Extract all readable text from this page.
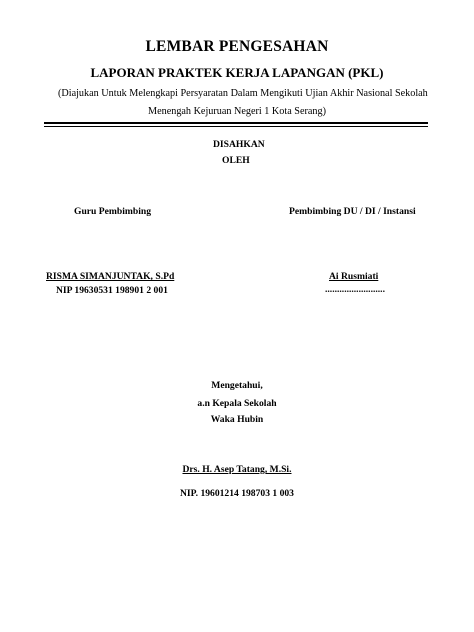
LEMBAR PENGESAHAN
LAPORAN PRAKTEK KERJA LAPANGAN (PKL)
(Diajukan Untuk Melengkapi Persyaratan Dalam Mengikuti Ujian Akhir Nasional Sekolah
Menengah Kejuruan Negeri 1 Kota Serang)
DISAHKAN
OLEH
Guru Pembimbing	Pembimbing DU / DI / Instansi
RISMA SIMANJUNTAK, S.Pd
NIP 19630531 198901 2 001
Ai Rusmiati
.........................
Mengetahui,
a.n Kepala Sekolah
Waka Hubin
Drs. H. Asep Tatang, M.Si.
NIP. 19601214 198703 1 003
